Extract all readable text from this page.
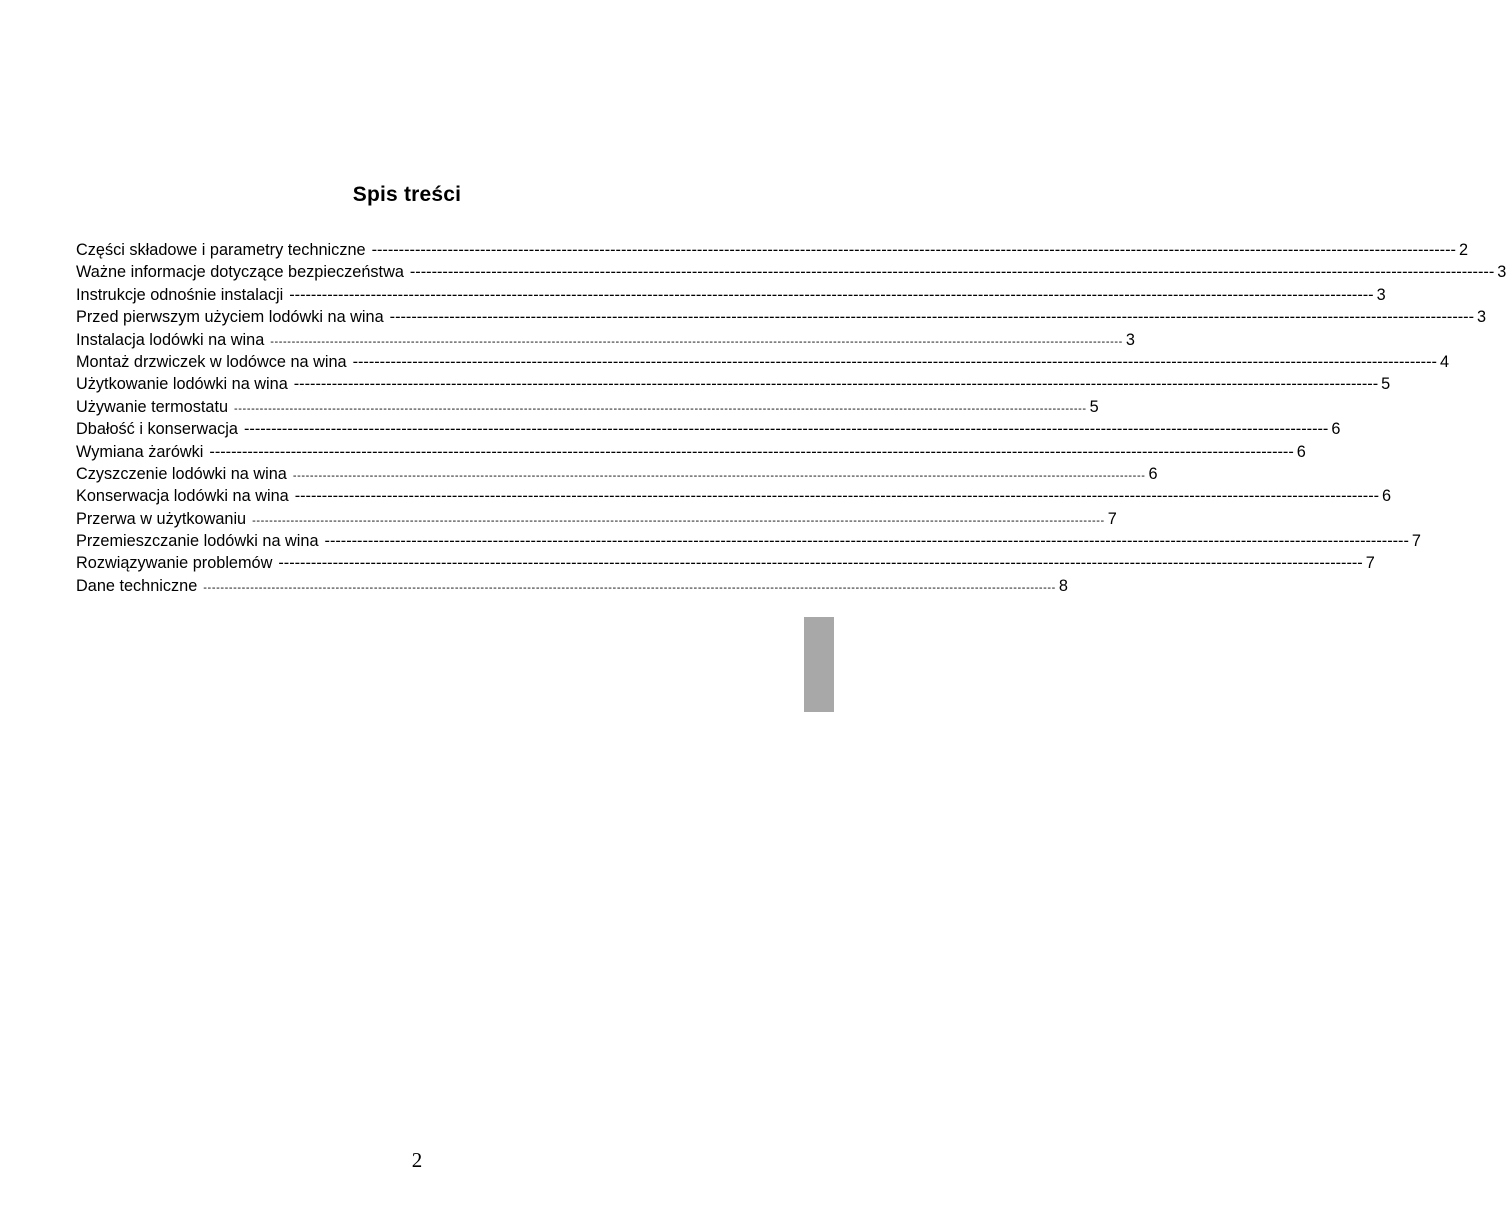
Spis treści
Części składowe i parametry techniczne -------------------------------------------------------------------------------------------------------------------------------------------------------------------------------------------------------- 2
Ważne informacje dotyczące bezpieczeństwa -------------------------------------------------------------------------------------------------------------------------------------------------------------------------------------------------------- 3
Instrukcje odnośnie instalacji -------------------------------------------------------------------------------------------------------------------------------------------------------------------------------------------------------- 3
Przed pierwszym użyciem lodówki na wina -------------------------------------------------------------------------------------------------------------------------------------------------------------------------------------------------------- 3
Instalacja lodówki na wina -------------------------------------------------------------------------------------------------------------------------------------------------------------------------------------------------------- 3
Montaż drzwiczek w lodówce na wina -------------------------------------------------------------------------------------------------------------------------------------------------------------------------------------------------------- 4
Użytkowanie lodówki na wina -------------------------------------------------------------------------------------------------------------------------------------------------------------------------------------------------------- 5
Używanie termostatu -------------------------------------------------------------------------------------------------------------------------------------------------------------------------------------------------------- 5
Dbałość i konserwacja -------------------------------------------------------------------------------------------------------------------------------------------------------------------------------------------------------- 6
Wymiana żarówki -------------------------------------------------------------------------------------------------------------------------------------------------------------------------------------------------------- 6
Czyszczenie lodówki na wina -------------------------------------------------------------------------------------------------------------------------------------------------------------------------------------------------------- 6
Konserwacja lodówki na wina -------------------------------------------------------------------------------------------------------------------------------------------------------------------------------------------------------- 6
Przerwa w użytkowaniu -------------------------------------------------------------------------------------------------------------------------------------------------------------------------------------------------------- 7
Przemieszczanie lodówki na wina -------------------------------------------------------------------------------------------------------------------------------------------------------------------------------------------------------- 7
Rozwiązywanie problemów -------------------------------------------------------------------------------------------------------------------------------------------------------------------------------------------------------- 7
Dane techniczne -------------------------------------------------------------------------------------------------------------------------------------------------------------------------------------------------------- 8
2
